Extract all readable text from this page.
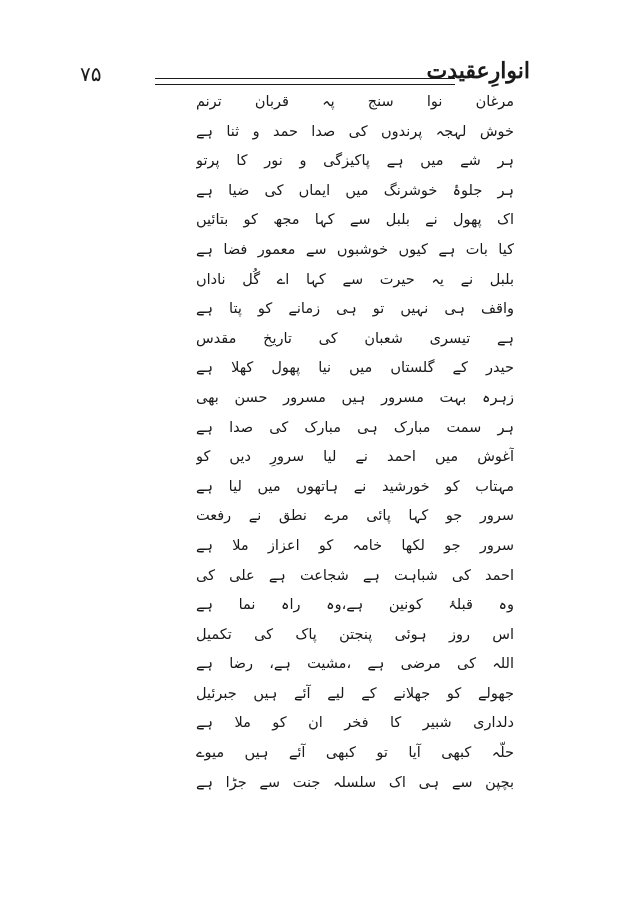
۷۵	انوارِعقیدت
مرغان نوا سنج پہ قربان ترنم
خوش لہجہ پرندوں کی صدا حمد و ثنا ہے
ہر شے میں ہے پاکیزگی و نور کا پرتو
ہر جلوۂ خوشرنگ میں ایماں کی ضیا ہے
اک پھول نے بلبل سے کہا مجھ کو بتائیں
کیا بات ہے کیوں خوشبوں سے معمور فضا ہے
بلبل نے یہ حیرت سے کہا اے گُل ناداں
واقف ہی نہیں تو ہی زمانے کو پتا ہے
ہے تیسری شعبان کی تاریخ مقدس
حیدر کے گلستاں میں نیا پھول کھلا ہے
زہرہ بہت مسرور ہیں مسرور حسن بھی
ہر سمت مبارک ہی مبارک کی صدا ہے
آغوش میں احمد نے لیا سرورِ دیں کو
مہتاب کو خورشید نے ہاتھوں میں لیا ہے
سرور جو کہا پائی مرے نطق نے رفعت
سرور جو لکھا خامہ کو اعزاز ملا ہے
احمد کی شباہت ہے شجاعت ہے علی کی
وہ قبلۂ کونین ہے،وہ راہ نما ہے
اس روز ہوئی پنجتن پاک کی تکمیل
اللہ کی مرضی ہے ،مشیت ہے، رضا ہے
جھولے کو جھلانے کے لیے آئے ہیں جبرئیل
دلداری شبیر کا فخر ان کو ملا ہے
حلّہ کبھی آیا تو کبھی آئے ہیں میوے
بچپن سے ہی اک سلسلہ جنت سے جڑا ہے
